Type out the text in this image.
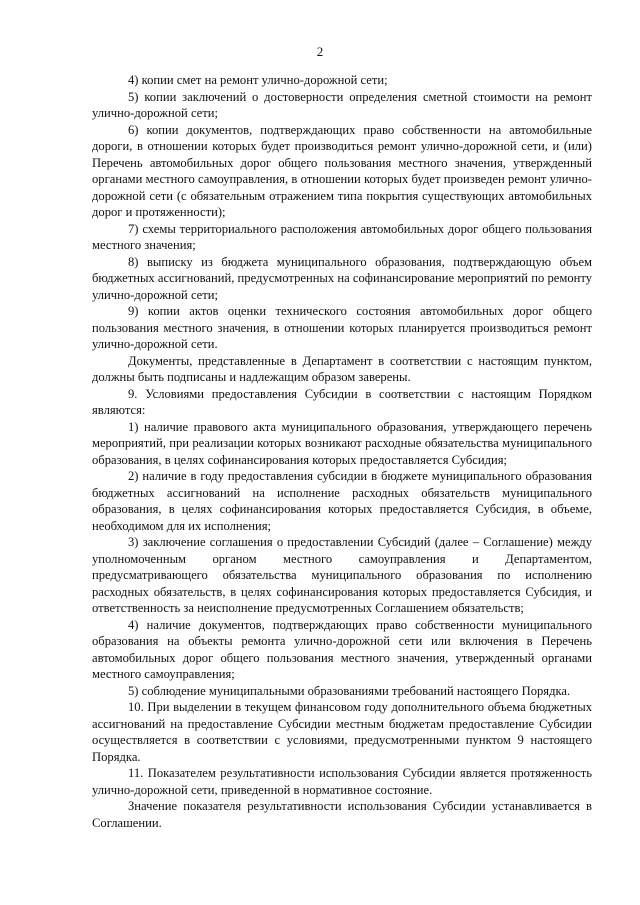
2

4) копии смет на ремонт улично-дорожной сети;

5) копии заключений о достоверности определения сметной стоимости на ремонт улично-дорожной сети;

6) копии документов, подтверждающих право собственности на автомобильные дороги, в отношении которых будет производиться ремонт улично-дорожной сети, и (или) Перечень автомобильных дорог общего пользования местного значения, утвержденный органами местного самоуправления, в отношении которых будет произведен ремонт улично-дорожной сети (с обязательным отражением типа покрытия существующих автомобильных дорог и протяженности);

7) схемы территориального расположения автомобильных дорог общего пользования местного значения;

8) выписку из бюджета муниципального образования, подтверждающую объем бюджетных ассигнований, предусмотренных на софинансирование мероприятий по ремонту улично-дорожной сети;

9) копии актов оценки технического состояния автомобильных дорог общего пользования местного значения, в отношении которых планируется производиться ремонт улично-дорожной сети.

Документы, представленные в Департамент в соответствии с настоящим пунктом, должны быть подписаны и надлежащим образом заверены.

9. Условиями предоставления Субсидии в соответствии с настоящим Порядком являются:

1) наличие правового акта муниципального образования, утверждающего перечень мероприятий, при реализации которых возникают расходные обязательства муниципального образования, в целях софинансирования которых предоставляется Субсидия;

2) наличие в году предоставления субсидии в бюджете муниципального образования бюджетных ассигнований на исполнение расходных обязательств муниципального образования, в целях софинансирования которых предоставляется Субсидия, в объеме, необходимом для их исполнения;

3) заключение соглашения о предоставлении Субсидий (далее – Соглашение) между уполномоченным органом местного самоуправления и Департаментом, предусматривающего обязательства муниципального образования по исполнению расходных обязательств, в целях софинансирования которых предоставляется Субсидия, и ответственность за неисполнение предусмотренных Соглашением обязательств;

4) наличие документов, подтверждающих право собственности муниципального образования на объекты ремонта улично-дорожной сети или включения в Перечень автомобильных дорог общего пользования местного значения, утвержденный органами местного самоуправления;

5) соблюдение муниципальными образованиями требований настоящего Порядка.

10. При выделении в текущем финансовом году дополнительного объема бюджетных ассигнований на предоставление Субсидии местным бюджетам предоставление Субсидии осуществляется в соответствии с условиями, предусмотренными пунктом 9 настоящего Порядка.

11. Показателем результативности использования Субсидии является протяженность улично-дорожной сети, приведенной в нормативное состояние.

Значение показателя результативности использования Субсидии устанавливается в Соглашении.
